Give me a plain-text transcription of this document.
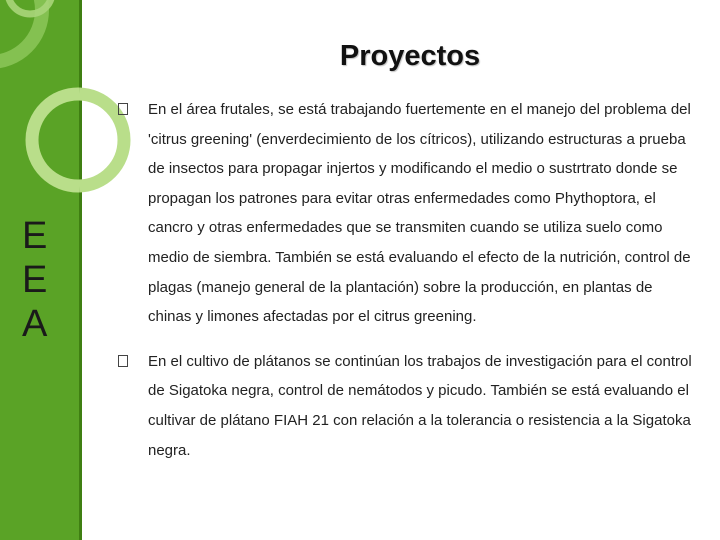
E
E
A
Proyectos
En el área frutales, se está trabajando fuertemente en el manejo del problema del 'citrus greening' (enverdecimiento de los cítricos), utilizando estructuras a prueba de insectos para propagar injertos y modificando el medio o sustrtrato donde se propagan los patrones para evitar otras enfermedades como Phythoptora, el cancro y otras enfermedades que se transmiten cuando se utiliza suelo como medio de siembra. También se está evaluando el efecto de la nutrición, control de plagas (manejo general de la plantación) sobre la producción, en plantas de chinas y limones afectadas por el citrus greening.
En el cultivo de plátanos se continúan los trabajos de investigación para el control de Sigatoka negra, control de nemátodos y picudo. También se está evaluando el cultivar de plátano FIAH 21 con relación a la tolerancia o resistencia a la Sigatoka negra.
